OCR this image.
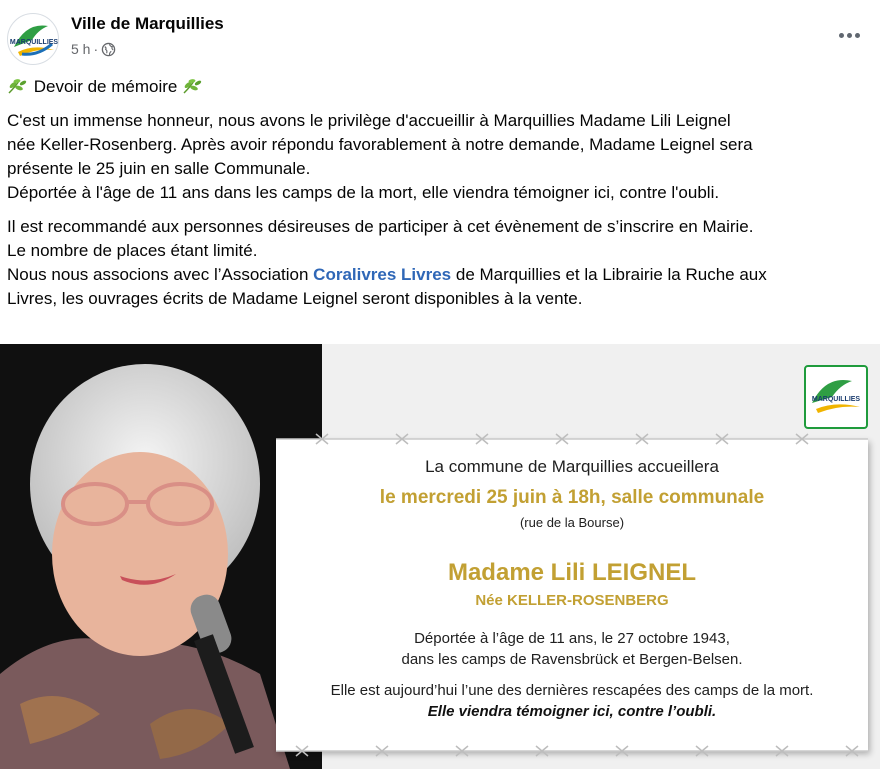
MARQUILLIES
Ville de Marquillies
5 h ·

Devoir de mémoire

C'est un immense honneur, nous avons le privilège d'accueillir à Marquillies Madame Lili Leignel

née Keller-Rosenberg. Après avoir répondu favorablement à notre demande, Madame Leignel sera

présente le 25 juin en salle Communale.

Déportée à l'âge de 11 ans dans les camps de la mort, elle viendra témoigner ici, contre l'oubli.

Il est recommandé aux personnes désireuses de participer à cet évènement de s’inscrire en Mairie.

Le nombre de places étant limité.

Nous nous associons avec l’Association Coralivres Livres de Marquillies et la Librairie la Ruche aux

Livres, les ouvrages écrits de Madame Leignel seront disponibles à la vente.

MARQUILLIES
La commune de Marquillies accueillera
le mercredi 25 juin à 18h, salle communale
(rue de la Bourse)
Madame Lili LEIGNEL
Née KELLER-ROSENBERG
Déportée à l’âge de 11 ans, le 27 octobre 1943,
dans les camps de Ravensbrück et Bergen-Belsen.
Elle est aujourd’hui l’une des dernières rescapées des camps de la mort.
Elle viendra témoigner ici, contre l’oubli.
